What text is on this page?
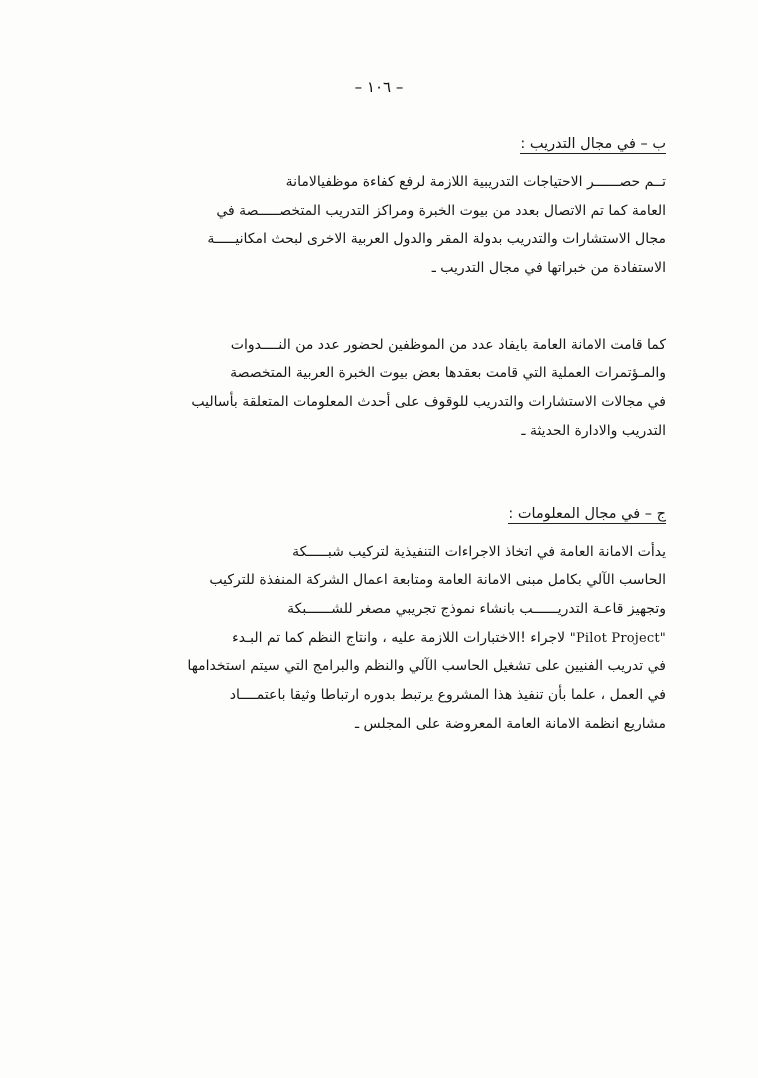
– ١٠٦ –
ب – في مجال التدريب :

تــم حصــــــر الاحتياجات التدريبية اللازمة لرفع كفاءة موظفيالامانة
العامة كما تم الاتصال بعدد من بيوت الخبرة ومراكز التدريب المتخصـــــصة في
مجال الاستشارات والتدريب بدولة المقر والدول العربية الاخرى لبحث امكانيـــــة
الاستفادة من خبراتها في مجال التدريب ـ

كما قامت الامانة العامة بايفاد عدد من الموظفين لحضور عدد من النــــدوات
والمـؤتمرات العملية التي قامت بعقدها بعض بيوت الخبرة العربية المتخصصة
في مجالات الاستشارات والتدريب للوقوف على أحدث المعلومات المتعلقة بأساليب
التدريب والادارة الحديثة ـ

ج – في مجال المعلومات :

يدأت الامانة العامة في اتخاذ الاجراءات التنفيذية لتركيب شبـــــكة
الحاسب الآلي بكامل مبنى الامانة العامة ومتابعة اعمال الشركة المنفذة للتركيب
وتجهيز قاعـة التدريــــــب بانشاء نموذج تجريبي مصغر للشــــــبكة
"Pilot Project" لاجراء !الاختبارات اللازمة عليه ، وانتاج النظم كما تم البـدء
في تدريب الفنيين على تشغيل الحاسب الآلي والنظم والبرامج التي سيتم استخدامها
في العمل ، علما بأن تنفيذ هذا المشروع يرتبط بدوره ارتباطا وثيقا باعتمــــاد
مشاريع انظمة الامانة العامة المعروضة على المجلس ـ
